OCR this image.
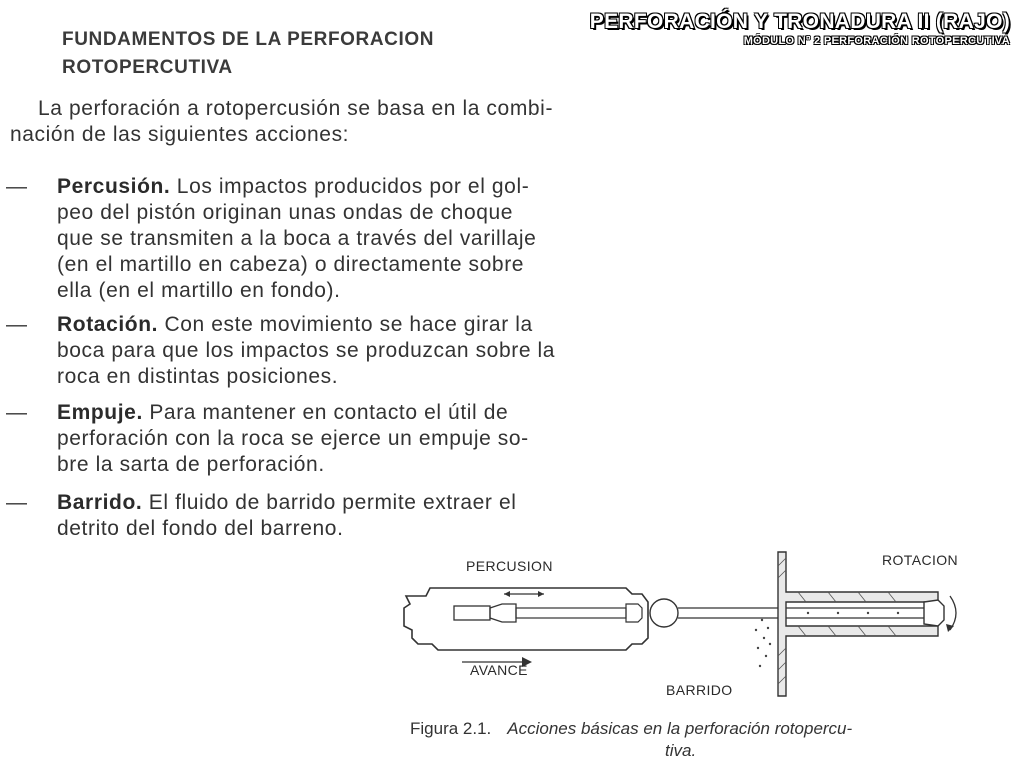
PERFORACIÓN Y TRONADURA II (RAJO)
MÓDULO N° 2 PERFORACIÓN ROTOPERCUTIVA
FUNDAMENTOS DE LA PERFORACION
ROTOPERCUTIVA
La perforación a rotopercusión se basa en la combi-
nación de las siguientes acciones:
— Percusión. Los impactos producidos por el gol-
peo del pistón originan unas ondas de choque
que se transmiten a la boca a través del varillaje
(en el martillo en cabeza) o directamente sobre
ella (en el martillo en fondo).
— Rotación. Con este movimiento se hace girar la
boca para que los impactos se produzcan sobre la
roca en distintas posiciones.
— Empuje. Para mantener en contacto el útil de
perforación con la roca se ejerce un empuje so-
bre la sarta de perforación.
— Barrido. El fluido de barrido permite extraer el
detrito del fondo del barreno.
PERCUSION
AVANCE
ROTACION
BARRIDO
Figura 2.1. Acciones básicas en la perforación rotopercu-
tiva.
